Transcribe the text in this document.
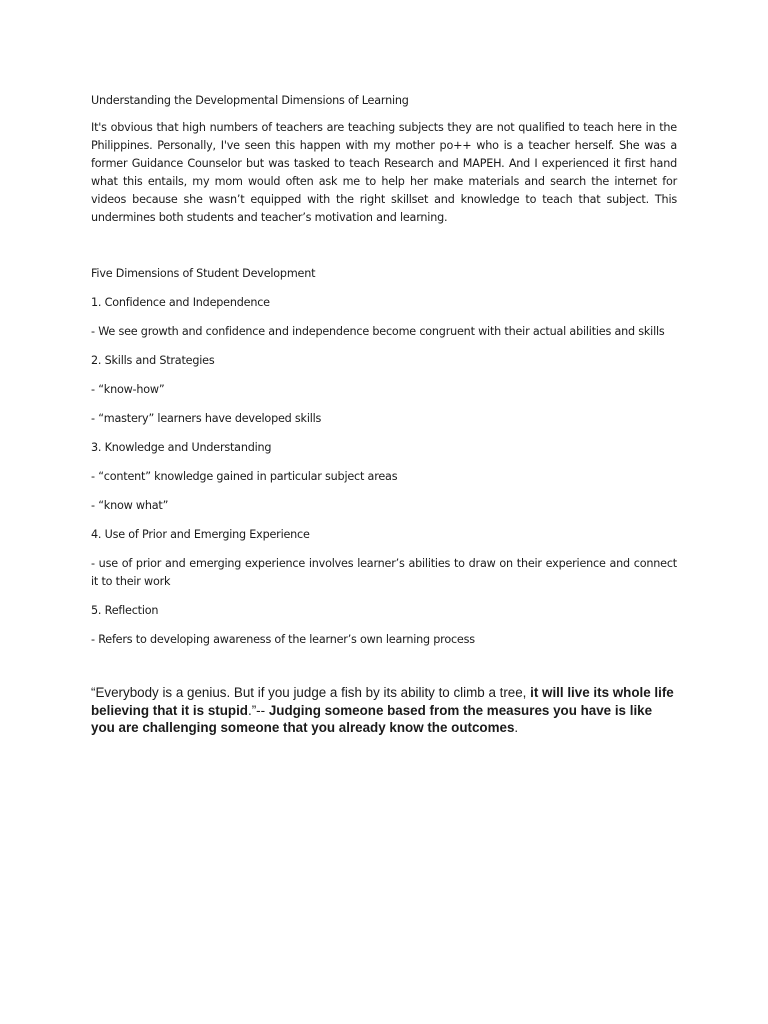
Understanding the Developmental Dimensions of Learning

It's obvious that high numbers of teachers are teaching subjects they are not qualified to teach here in the Philippines. Personally, I've seen this happen with my mother po++ who is a teacher herself. She was a former Guidance Counselor but was tasked to teach Research and MAPEH. And I experienced it first hand what this entails, my mom would often ask me to help her make materials and search the internet for videos because she wasn’t equipped with the right skillset and knowledge to teach that subject. This undermines both students and teacher’s motivation and learning.

Five Dimensions of Student Development

1. Confidence and Independence

- We see growth and confidence and independence become congruent with their actual abilities and skills

2. Skills and Strategies

- “know-how”

- “mastery” learners have developed skills

3. Knowledge and Understanding

- “content” knowledge gained in particular subject areas

- “know what”

4. Use of Prior and Emerging Experience

- use of prior and emerging experience involves learner’s abilities to draw on their experience and connect it to their work

5. Reflection

- Refers to developing awareness of the learner’s own learning process

“Everybody is a genius. But if you judge a fish by its ability to climb a tree, it will live its whole life believing that it is stupid.”-- Judging someone based from the measures you have is like you are challenging someone that you already know the outcomes.
